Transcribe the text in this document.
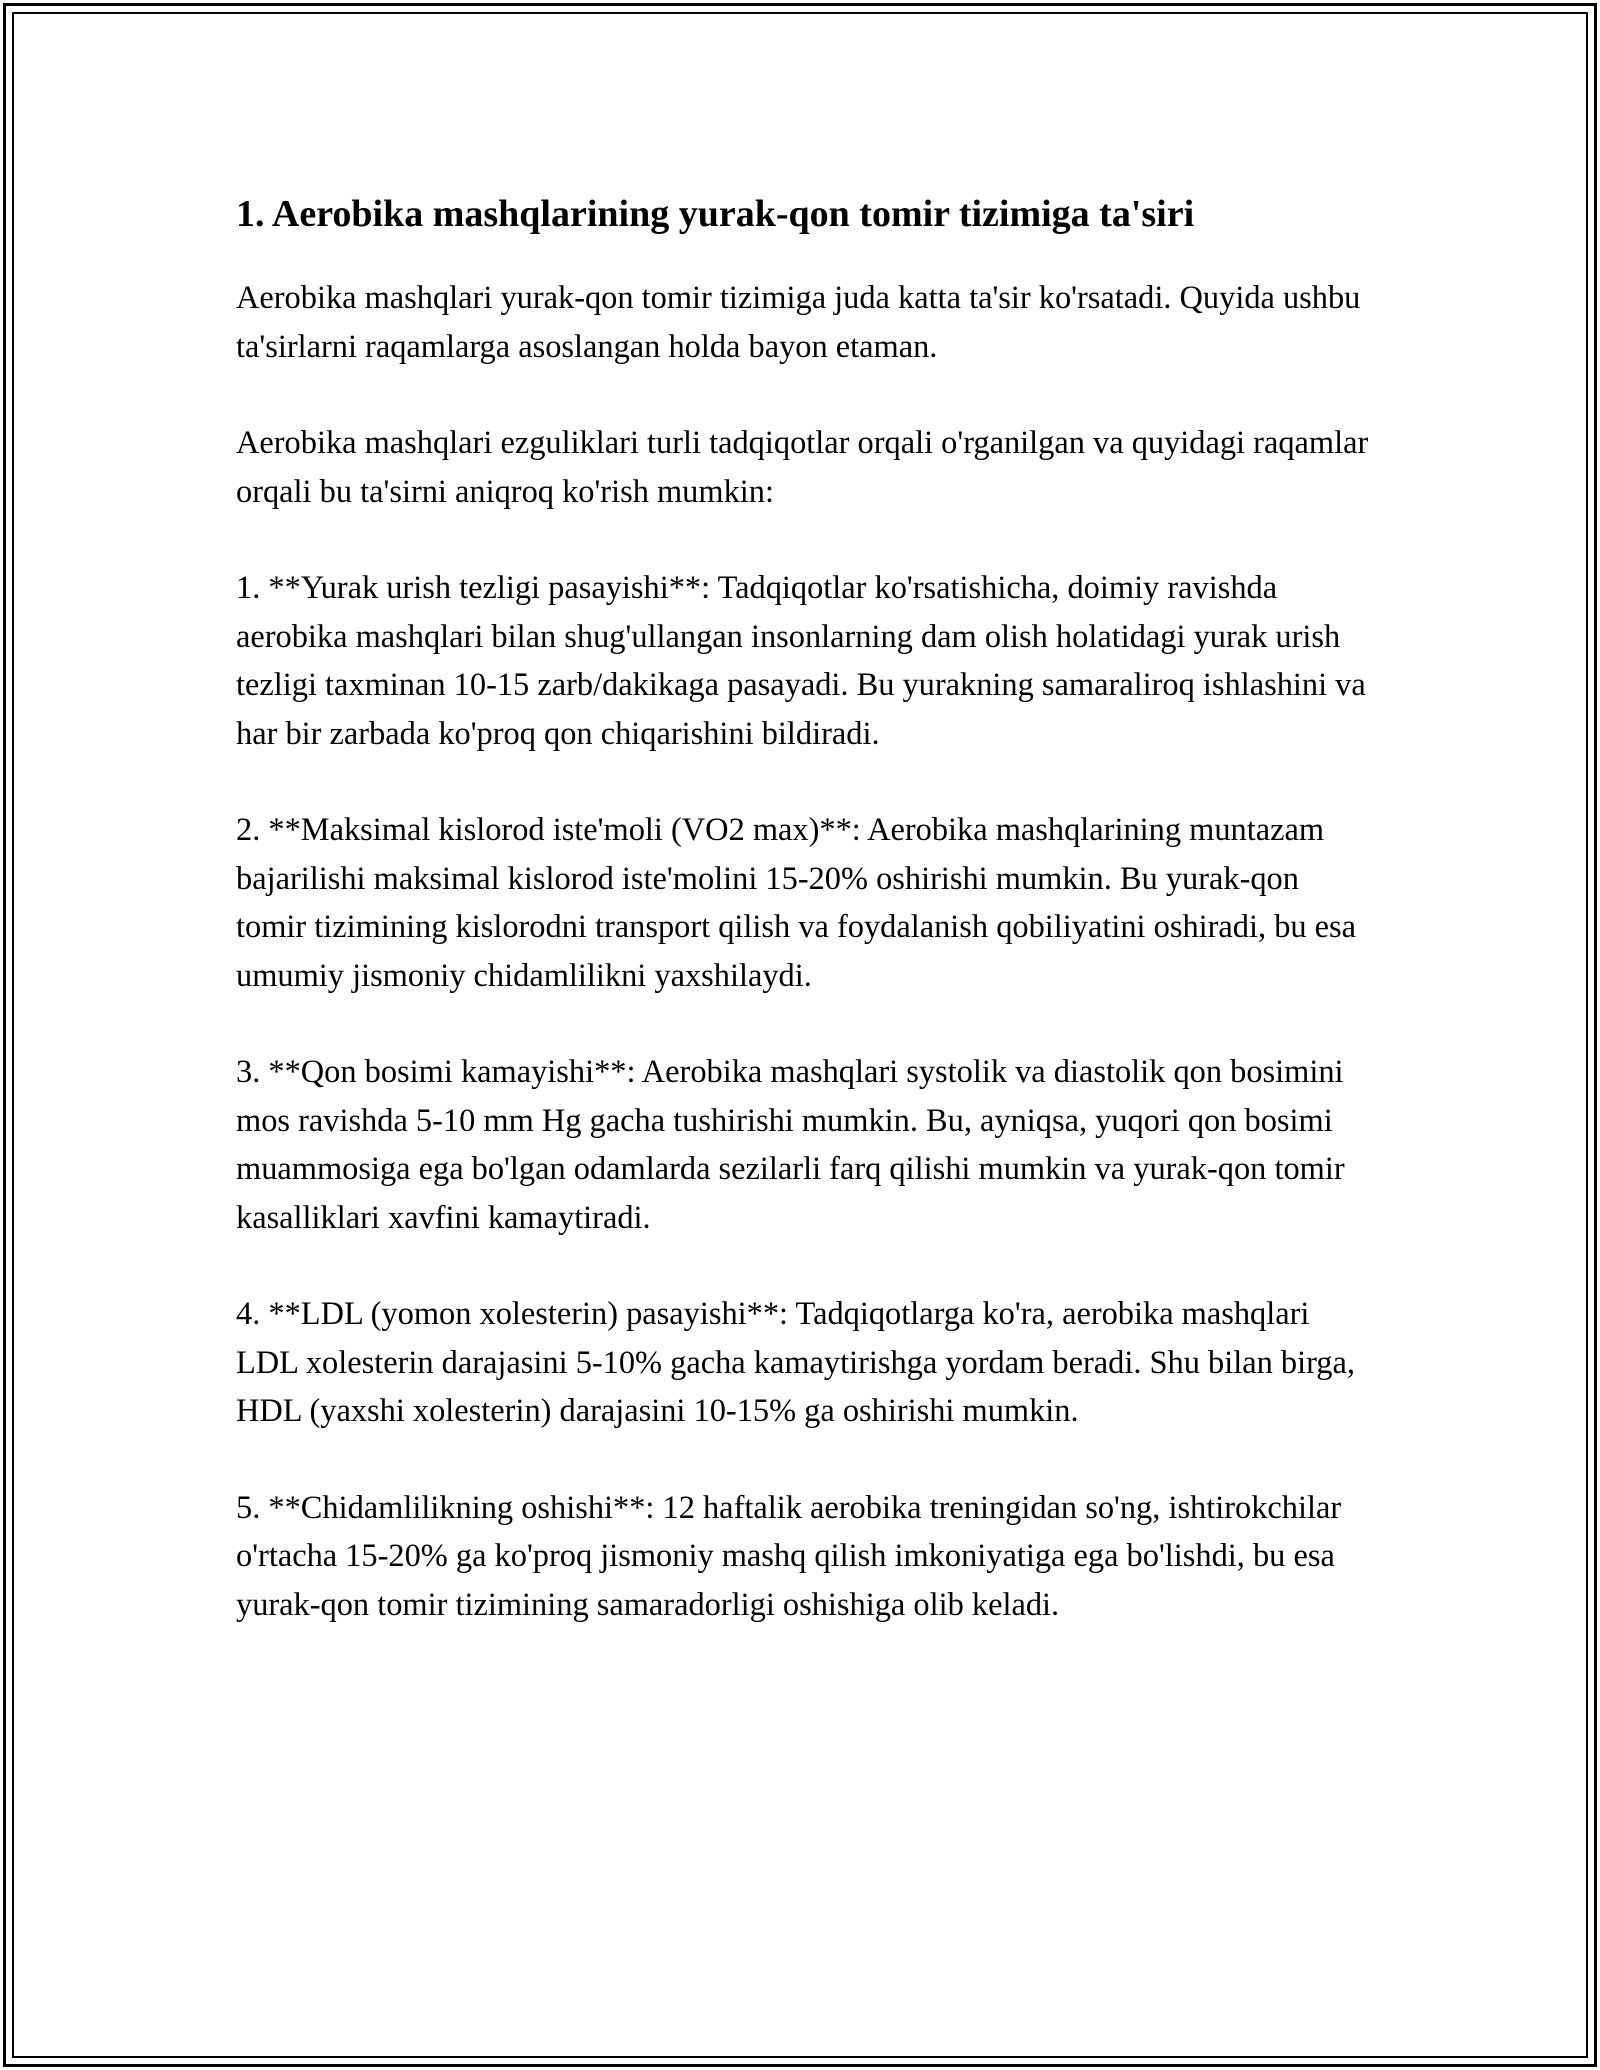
1. Aerobika mashqlarining yurak-qon tomir tizimiga ta'siri

Aerobika mashqlari yurak-qon tomir tizimiga juda katta ta'sir ko'rsatadi. Quyida ushbu ta'sirlarni raqamlarga asoslangan holda bayon etaman.

Aerobika mashqlari ezguliklari turli tadqiqotlar orqali o'rganilgan va quyidagi raqamlar orqali bu ta'sirni aniqroq ko'rish mumkin:

1. **Yurak urish tezligi pasayishi**: Tadqiqotlar ko'rsatishicha, doimiy ravishda aerobika mashqlari bilan shug'ullangan insonlarning dam olish holatidagi yurak urish tezligi taxminan 10-15 zarb/dakikaga pasayadi. Bu yurakning samaraliroq ishlashini va har bir zarbada ko'proq qon chiqarishini bildiradi.

2. **Maksimal kislorod iste'moli (VO2 max)**: Aerobika mashqlarining muntazam bajarilishi maksimal kislorod iste'molini 15-20% oshirishi mumkin. Bu yurak-qon tomir tizimining kislorodni transport qilish va foydalanish qobiliyatini oshiradi, bu esa umumiy jismoniy chidamlilikni yaxshilaydi.

3. **Qon bosimi kamayishi**: Aerobika mashqlari systolik va diastolik qon bosimini mos ravishda 5-10 mm Hg gacha tushirishi mumkin. Bu, ayniqsa, yuqori qon bosimi muammosiga ega bo'lgan odamlarda sezilarli farq qilishi mumkin va yurak-qon tomir kasalliklari xavfini kamaytiradi.

4. **LDL (yomon xolesterin) pasayishi**: Tadqiqotlarga ko'ra, aerobika mashqlari LDL xolesterin darajasini 5-10% gacha kamaytirishga yordam beradi. Shu bilan birga, HDL (yaxshi xolesterin) darajasini 10-15% ga oshirishi mumkin.

5. **Chidamlilikning oshishi**: 12 haftalik aerobika treningidan so'ng, ishtirokchilar o'rtacha 15-20% ga ko'proq jismoniy mashq qilish imkoniyatiga ega bo'lishdi, bu esa yurak-qon tomir tizimining samaradorligi oshishiga olib keladi.
